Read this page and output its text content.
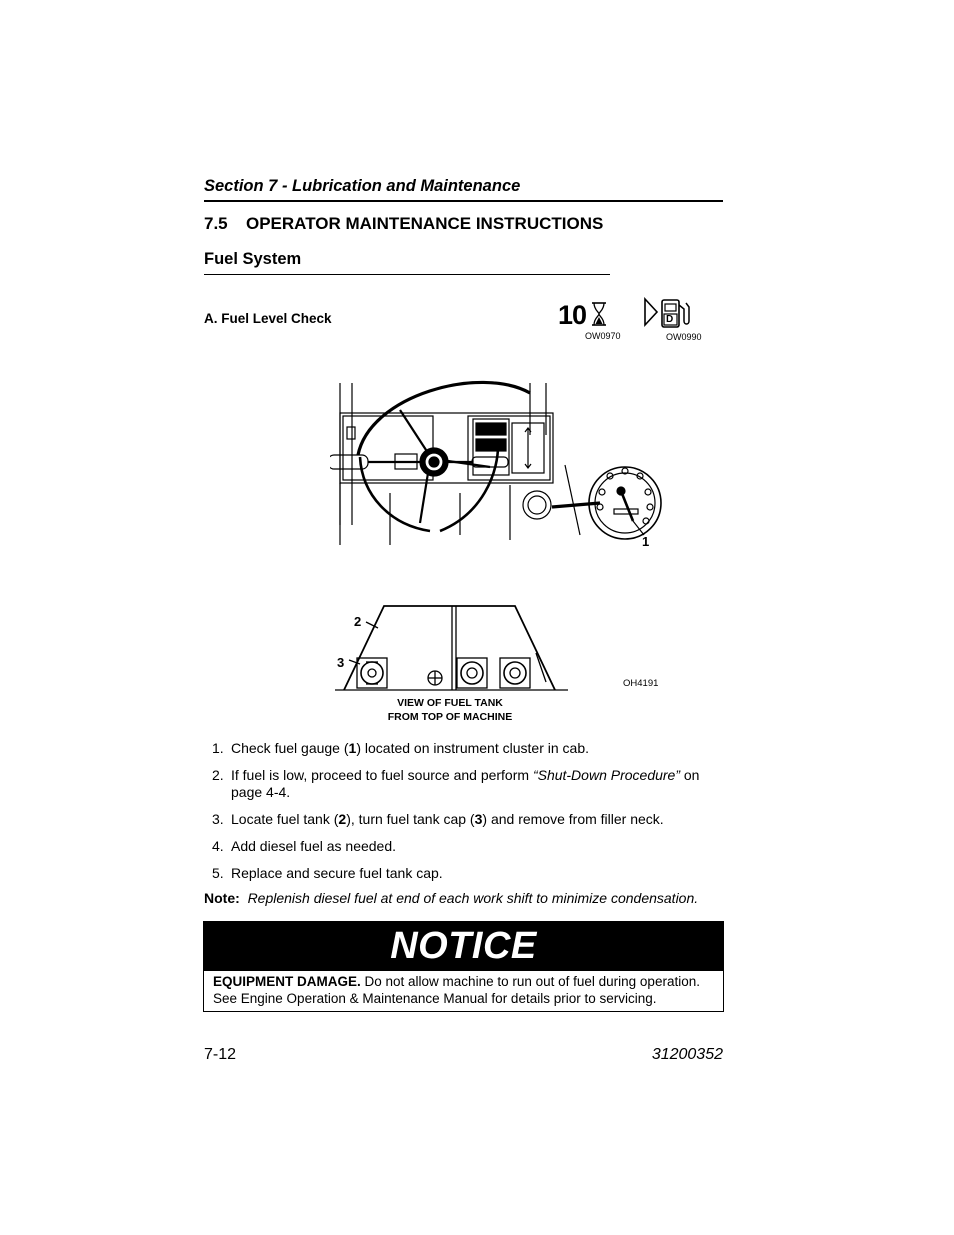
Section 7 - Lubrication and Maintenance
7.5 OPERATOR MAINTENANCE INSTRUCTIONS
Fuel System
A. Fuel Level Check	10
OW0970
D
OW0990
1
2
3
OH4191
VIEW OF FUEL TANK
FROM TOP OF MACHINE
1. Check fuel gauge (1) located on instrument cluster in cab.
2. If fuel is low, proceed to fuel source and perform “Shut-Down Procedure” on page 4-4.
3. Locate fuel tank (2), turn fuel tank cap (3) and remove from filler neck.
4. Add diesel fuel as needed.
5. Replace and secure fuel tank cap.
Note: Replenish diesel fuel at end of each work shift to minimize condensation.
NOTICE
EQUIPMENT DAMAGE. Do not allow machine to run out of fuel during operation. See Engine Operation & Maintenance Manual for details prior to servicing.
7-12	31200352
